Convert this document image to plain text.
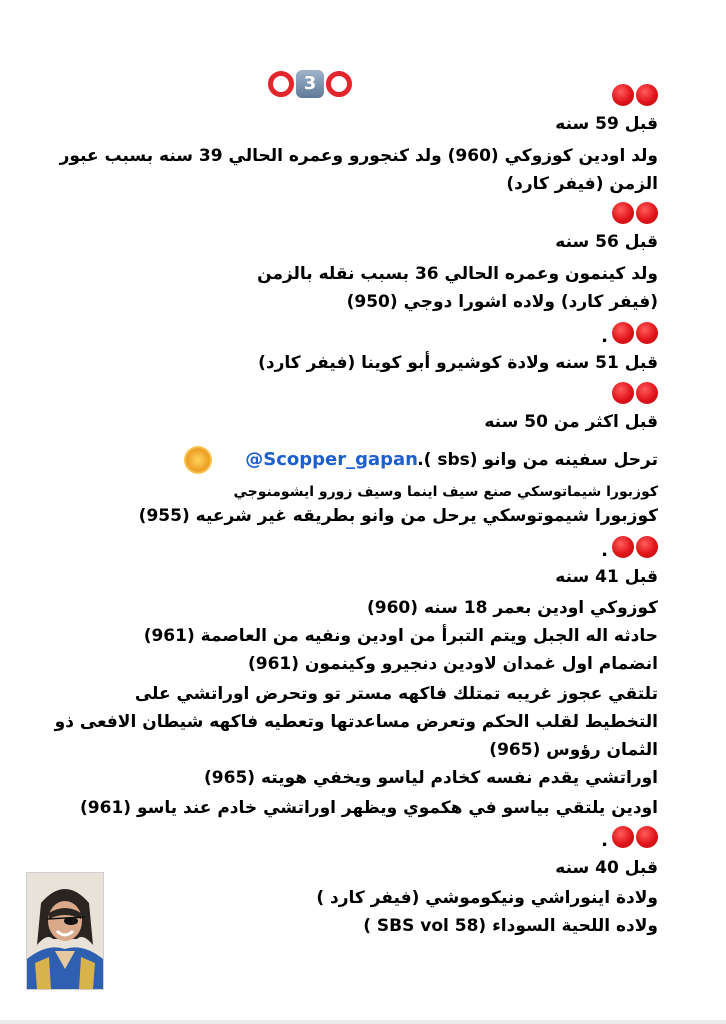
3
قبل 59 سنه
ولد اودين كوزوكي (960) ولد كنجورو وعمره الحالي 39 سنه بسبب عبور
الزمن (فيفر كارد)
قبل 56 سنه
ولد كينمون وعمره الحالي 36 بسبب نقله بالزمن
(فيفر كارد) ولاده اشورا دوجي (950)
.
قبل 51 سنه ولادة كوشيرو أبو كوينا (فيفر كارد)
قبل اكثر من 50 سنه
ترحل سفينه من وانو (sbs ).
@Scopper_gapan
كوزبورا شيماتوسكي صنع سيف اينما وسيف زورو ايشومنوجي
كوزبورا شيموتوسكي يرحل من وانو بطريقه غير شرعيه (955)
.
قبل 41 سنه
كوزوكي اودين بعمر 18 سنه (960)
حادثه اله الجبل ويتم التبرأ من اودين ونفيه من العاصمة (961)
انضمام اول غمدان لاودين دنجيرو وكينمون (961)
تلتقي عجوز غريبه تمتلك فاكهه مستر تو وتحرض اوراتشي على
التخطيط لقلب الحكم وتعرض مساعدتها وتعطيه فاكهه شيطان الافعى ذو
الثمان رؤوس (965)
اوراتشي يقدم نفسه كخادم لياسو ويخفي هويته (965)
اودين يلتقي بياسو في هكموي ويظهر اوراتشي خادم عند ياسو (961)
.
قبل 40 سنه
ولادة اينوراشي ونيكوموشي (فيفر كارد )
ولاده اللحية السوداء (SBS vol 58 )
